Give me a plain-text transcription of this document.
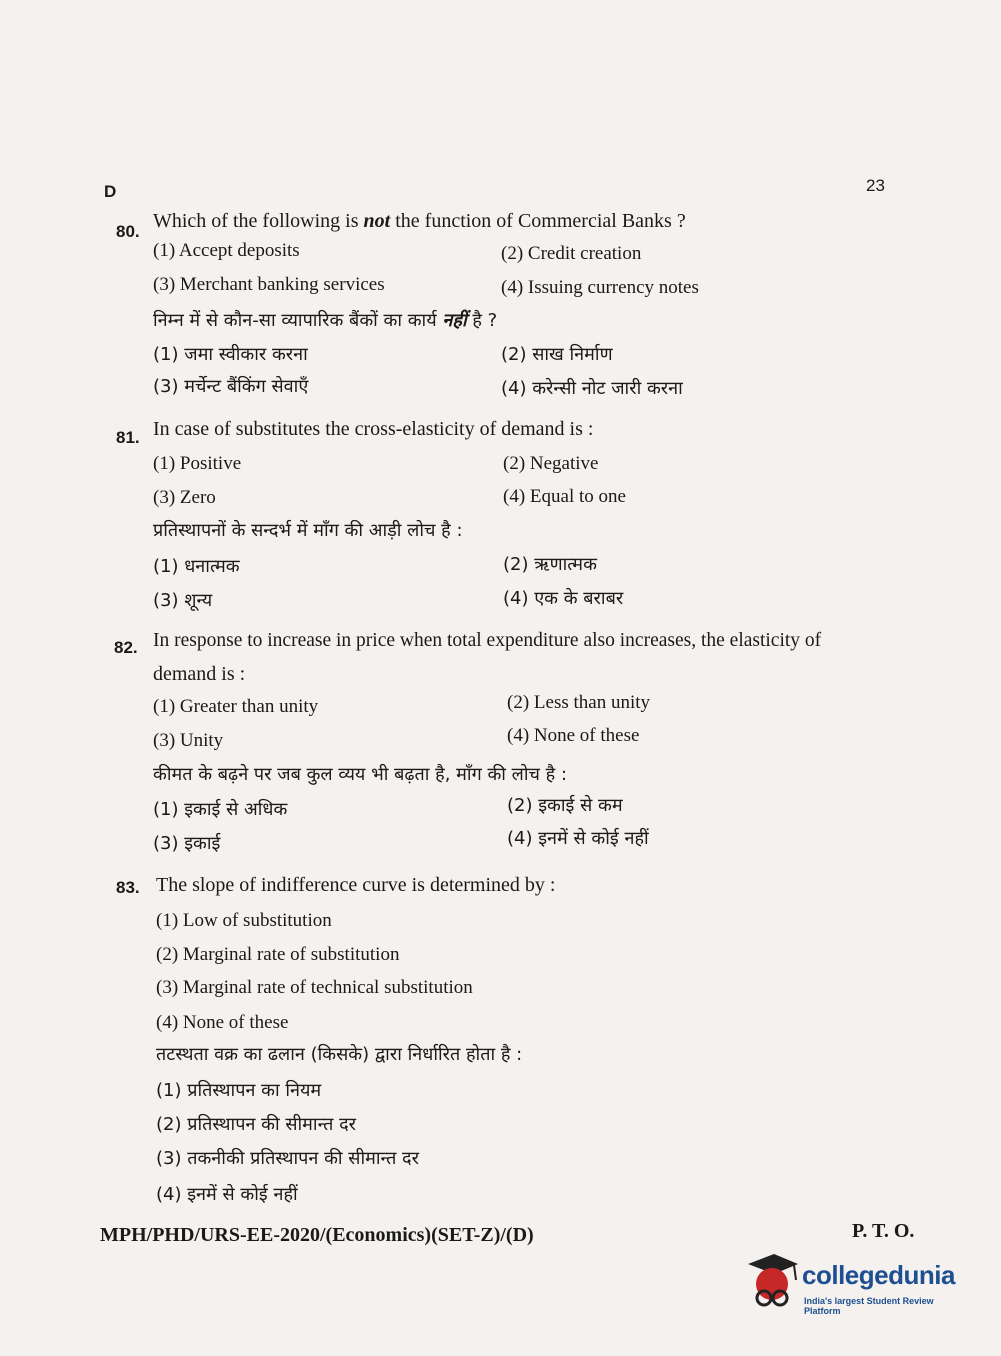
D	23
80. Which of the following is not the function of Commercial Banks ?
(1) Accept deposits	(2) Credit creation
(3) Merchant banking services	(4) Issuing currency notes
निम्न में से कौन-सा व्यापारिक बैंकों का कार्य नहीं है ?
(1) जमा स्वीकार करना	(2) साख निर्माण
(3) मर्चेन्ट बैंकिंग सेवाएँ	(4) करेन्सी नोट जारी करना
81. In case of substitutes the cross-elasticity of demand is :
(1) Positive	(2) Negative
(3) Zero	(4) Equal to one
प्रतिस्थापनों के सन्दर्भ में माँग की आड़ी लोच है :
(1) धनात्मक	(2) ऋणात्मक
(3) शून्य	(4) एक के बराबर
82. In response to increase in price when total expenditure also increases, the elasticity of
demand is :
(1) Greater than unity	(2) Less than unity
(3) Unity	(4) None of these
कीमत के बढ़ने पर जब कुल व्यय भी बढ़ता है, माँग की लोच है :
(1) इकाई से अधिक	(2) इकाई से कम
(3) इकाई	(4) इनमें से कोई नहीं
83. The slope of indifference curve is determined by :
(1) Low of substitution
(2) Marginal rate of substitution
(3) Marginal rate of technical substitution
(4) None of these
तटस्थता वक्र का ढलान (किसके) द्वारा निर्धारित होता है :
(1) प्रतिस्थापन का नियम
(2) प्रतिस्थापन की सीमान्त दर
(3) तकनीकी प्रतिस्थापन की सीमान्त दर
(4) इनमें से कोई नहीं
MPH/PHD/URS-EE-2020/(Economics)(SET-Z)/(D)	P. T. O.
collegedunia
India's largest Student Review Platform
